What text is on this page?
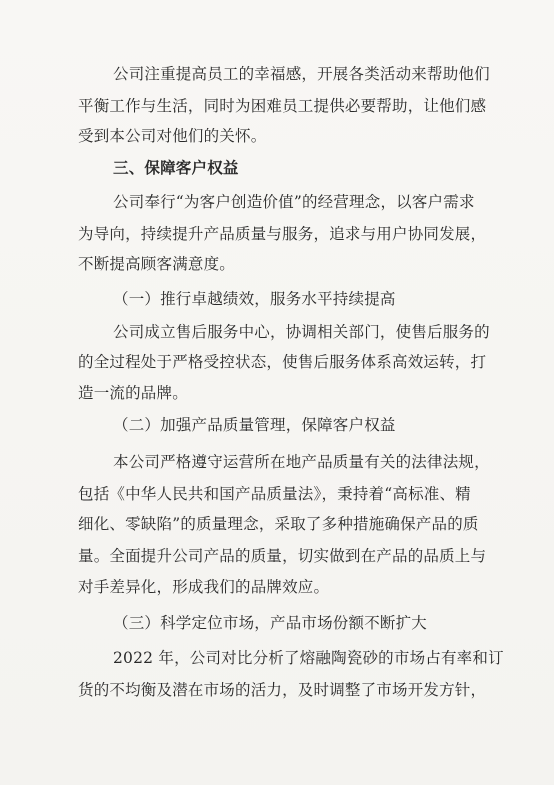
公司注重提高员工的幸福感，开展各类活动来帮助他们
平衡工作与生活，同时为困难员工提供必要帮助，让他们感
受到本公司对他们的关怀。
三、保障客户权益
公司奉行“为客户创造价值”的经营理念，以客户需求
为导向，持续提升产品质量与服务，追求与用户协同发展，
不断提高顾客满意度。
（一）推行卓越绩效，服务水平持续提高
公司成立售后服务中心，协调相关部门，使售后服务的
的全过程处于严格受控状态，使售后服务体系高效运转，打
造一流的品牌。
（二）加强产品质量管理，保障客户权益
本公司严格遵守运营所在地产品质量有关的法律法规，
包括《中华人民共和国产品质量法》，秉持着“高标准、精
细化、零缺陷”的质量理念，采取了多种措施确保产品的质
量。全面提升公司产品的质量，切实做到在产品的品质上与
对手差异化，形成我们的品牌效应。
（三）科学定位市场，产品市场份额不断扩大
2022 年，公司对比分析了熔融陶瓷砂的市场占有率和订
货的不均衡及潜在市场的活力，及时调整了市场开发方针，
